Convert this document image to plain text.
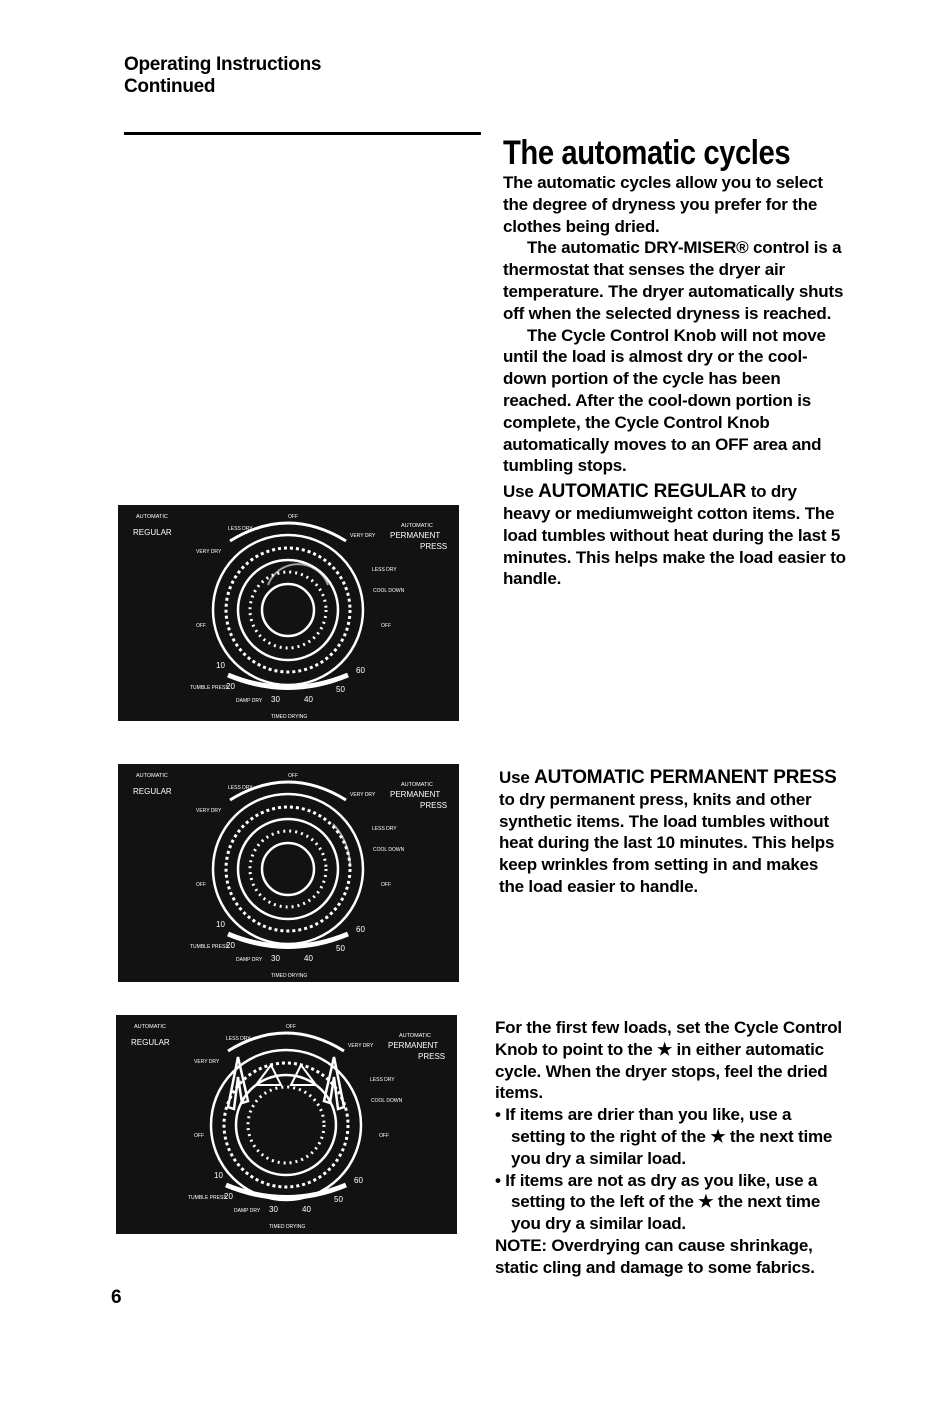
Operating Instructions
Continued
The automatic cycles

The automatic cycles allow you to select the degree of dryness you prefer for the clothes being dried.

The automatic DRY-MISER® control is a thermostat that senses the dryer air temperature. The dryer automatically shuts off when the selected dryness is reached.

The Cycle Control Knob will not move until the load is almost dry or the cool-down portion of the cycle has been reached. After the cool-down portion is complete, the Cycle Control Knob automatically moves to an OFF area and tumbling stops.

Use AUTOMATIC REGULAR to dry heavy or mediumweight cotton items. The load tumbles without heat during the last 5 minutes. This helps make the load easier to handle.

Use AUTOMATIC PERMANENT PRESS to dry permanent press, knits and other synthetic items. The load tumbles without heat during the last 10 minutes. This helps keep wrinkles from setting in and makes the load easier to handle.

For the first few loads, set the Cycle Control Knob to point to the ★ in either automatic cycle. When the dryer stops, feel the dried items.

• If items are drier than you like, use a setting to the right of the ★ the next time you dry a similar load.

• If items are not as dry as you like, use a setting to the left of the ★ the next time you dry a similar load.

NOTE: Overdrying can cause shrinkage, static cling and damage to some fabrics.

6
AUTOMATIC
REGULAR	LESS DRY
OFF
VERY DRY
VERY DRY
AUTOMATIC
PERMANENT
PRESS
LESS DRY
COOL DOWN
OFF	OFF
10
60
TUMBLE PRESS
20	50
DAMP DRY 30	40
TIMED DRYING
AUTOMATIC
REGULAR	LESS DRY
OFF
VERY DRY
VERY DRY
AUTOMATIC
PERMANENT
PRESS
LESS DRY
COOL DOWN
OFF	OFF
10
60
TUMBLE PRESS
20	50
DAMP DRY 30	40
TIMED DRYING
AUTOMATIC
REGULAR	LESS DRY
OFF
VERY DRY
VERY DRY
AUTOMATIC
PERMANENT
PRESS
LESS DRY
COOL DOWN
OFF	OFF
10
60
TUMBLE PRESS
20	50
DAMP DRY 30	40
TIMED DRYING
